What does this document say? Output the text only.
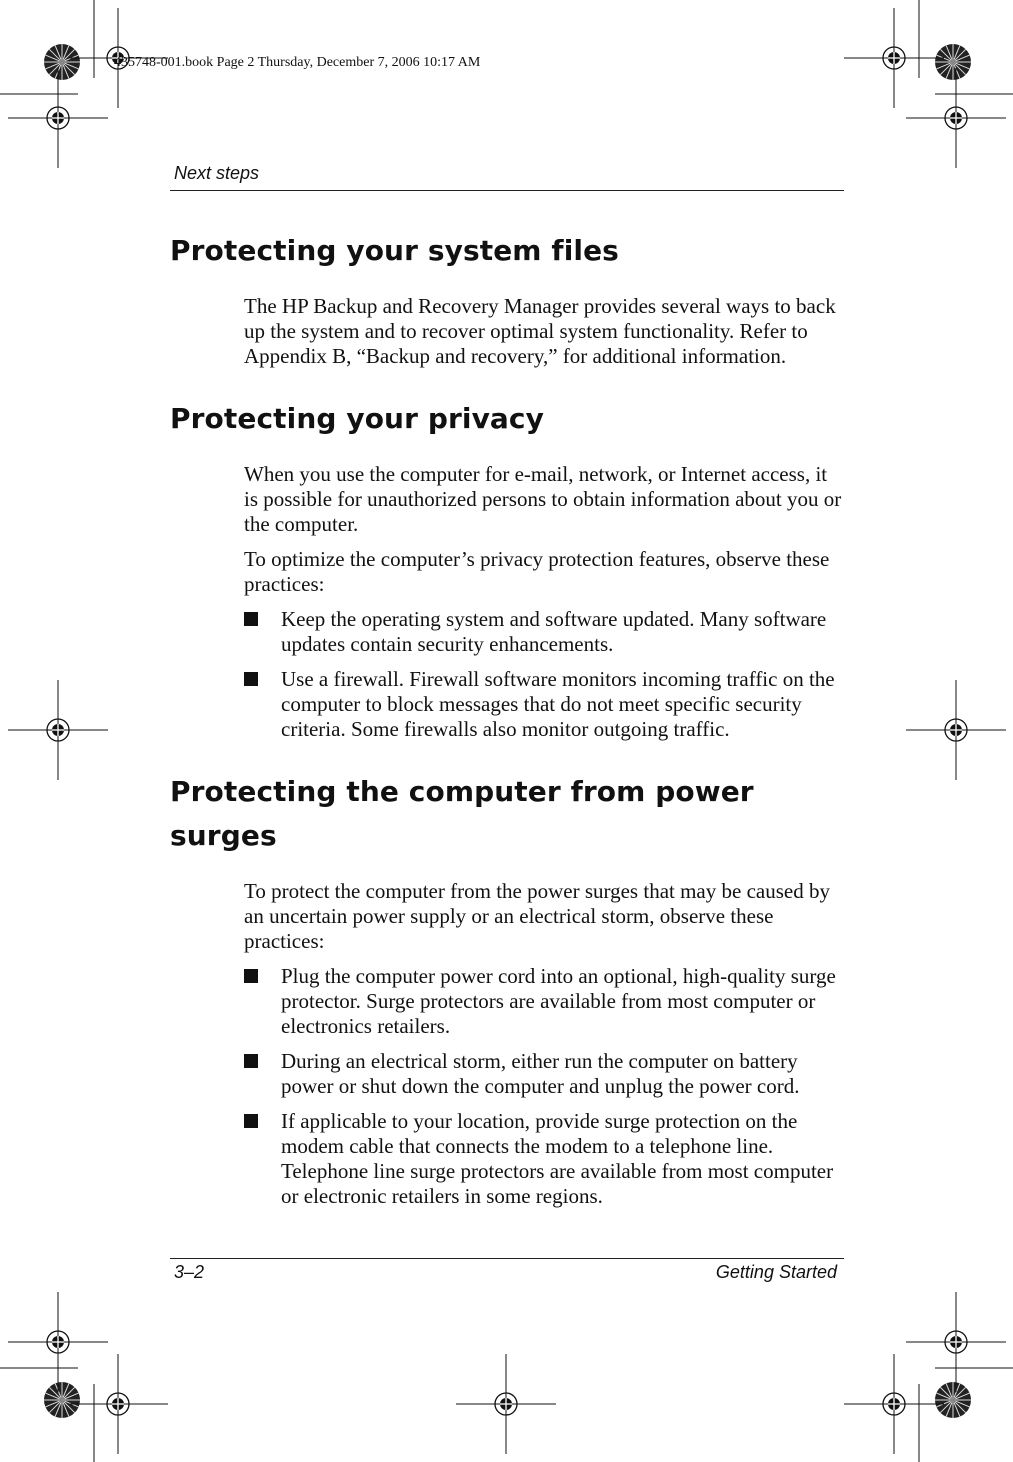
435748-001.book Page 2 Thursday, December 7, 2006 10:17 AM
Next steps
Protecting your system files

The HP Backup and Recovery Manager provides several ways to back up the system and to recover optimal system functionality. Refer to Appendix B, “Backup and recovery,” for additional information.

Protecting your privacy

When you use the computer for e-mail, network, or Internet access, it is possible for unauthorized persons to obtain information about you or the computer.

To optimize the computer’s privacy protection features, observe these practices:

Keep the operating system and software updated. Many software updates contain security enhancements.
Use a firewall. Firewall software monitors incoming traffic on the computer to block messages that do not meet specific security criteria. Some firewalls also monitor outgoing traffic.
Protecting the computer from power surges

To protect the computer from the power surges that may be caused by an uncertain power supply or an electrical storm, observe these practices:

Plug the computer power cord into an optional, high-quality surge protector. Surge protectors are available from most computer or electronics retailers.
During an electrical storm, either run the computer on battery power or shut down the computer and unplug the power cord.
If applicable to your location, provide surge protection on the modem cable that connects the modem to a telephone line. Telephone line surge protectors are available from most computer or electronic retailers in some regions.
3–2	Getting Started
